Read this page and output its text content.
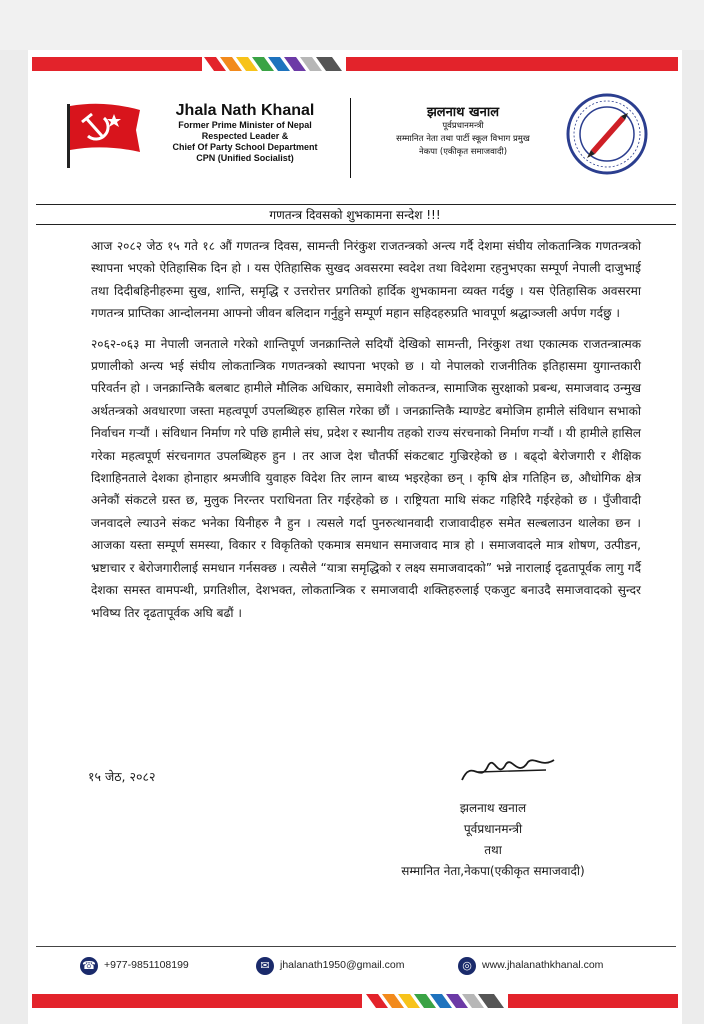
Jhala Nath Khanal
Former Prime Minister of Nepal
Respected Leader &
Chief Of Party School Department
CPN (Unified Socialist)
झलनाथ खनाल
पूर्वप्रधानमन्त्री
सम्मानित नेता तथा पार्टी स्कूल विभाग प्रमुख
नेकपा (एकीकृत समाजवादी)
गणतन्त्र दिवसको शुभकामना सन्देश !!!

आज २०८२ जेठ १५ गते १८ औं गणतन्त्र दिवस, सामन्ती निरंकुश राजतन्त्रको अन्त्य गर्दै देशमा संघीय लोकतान्त्रिक गणतन्त्रको स्थापना भएको ऐतिहासिक दिन हो । यस ऐतिहासिक सुखद अवसरमा स्वदेश तथा विदेशमा रहनुभएका सम्पूर्ण नेपाली दाजुभाई तथा दिदीबहिनीहरुमा सुख, शान्ति, समृद्धि र उत्तरोत्तर प्रगतिको हार्दिक शुभकामना व्यक्त गर्दछु । यस ऐतिहासिक अवसरमा गणतन्त्र प्राप्तिका आन्दोलनमा आफ्नो जीवन बलिदान गर्नुहुने सम्पूर्ण महान सहिदहरुप्रति भावपूर्ण श्रद्धाञ्जली अर्पण गर्दछु ।

२०६२-०६३ मा नेपाली जनताले गरेको शान्तिपूर्ण जनक्रान्तिले सदियौं देखिको सामन्ती, निरंकुश तथा एकात्मक राजतन्त्रात्मक प्रणालीको अन्त्य भई संघीय लोकतान्त्रिक गणतन्त्रको स्थापना भएको छ । यो नेपालको राजनीतिक इतिहासमा युगान्तकारी परिवर्तन हो । जनक्रान्तिकै बलबाट हामीले मौलिक अधिकार, समावेशी लोकतन्त्र, सामाजिक सुरक्षाको प्रबन्ध, समाजवाद उन्मुख अर्थतन्त्रको अवधारणा जस्ता महत्वपूर्ण उपलब्धिहरु हासिल गरेका छौं । जनक्रान्तिकै म्याण्डेट बमोजिम हामीले संविधान सभाको निर्वाचन गर्‍यौं । संविधान निर्माण गरे पछि हामीले संघ, प्रदेश र स्थानीय तहको राज्य संरचनाको निर्माण गर्‍यौं । यी हामीले हासिल गरेका महत्वपूर्ण संरचनागत उपलब्धिहरु हुन । तर आज देश चौतर्फी संकटबाट गुज्रिरहेको छ । बढ्दो बेरोजगारी र शैक्षिक दिशाहिनताले देशका होनाहार श्रमजीवि युवाहरु विदेश तिर लाग्न बाध्य भइरहेका छन् । कृषि क्षेत्र गतिहिन छ, औधोगिक क्षेत्र अनेकौं संकटले ग्रस्त छ, मुलुक निरन्तर पराधिनता तिर गईरहेको छ । राष्ट्रियता माथि संकट गहिरिदै गईरहेको छ । पुँजीवादी जनवादले ल्याउने संकट भनेका यिनीहरु नै हुन । त्यसले गर्दा पुनरुत्थानवादी राजावादीहरु समेत सल्बलाउन थालेका छन । आजका यस्ता सम्पूर्ण समस्या, विकार र विकृतिको एकमात्र समधान समाजवाद मात्र हो । समाजवादले मात्र शोषण, उत्पीडन, भ्रष्टाचार र बेरोजगारीलाई समधान गर्नसक्छ । त्यसैले “यात्रा समृद्धिको र लक्ष्य समाजवादको” भन्ने नारालाई दृढतापूर्वक लागु गर्दै देशका समस्त वामपन्थी, प्रगतिशील, देशभक्त, लोकतान्त्रिक र समाजवादी शक्तिहरुलाई एकजुट बनाउदै समाजवादको सुन्दर भविष्य तिर दृढतापूर्वक अघि बढौं ।

१५ जेठ, २०८२
झलनाथ खनाल
पूर्वप्रधानमन्त्री
तथा
सम्मानित नेता,नेकपा(एकीकृत समाजवादी)
☎ +977-9851108199	✉ jhalanath1950@gmail.com	◎ www.jhalanathkhanal.com
